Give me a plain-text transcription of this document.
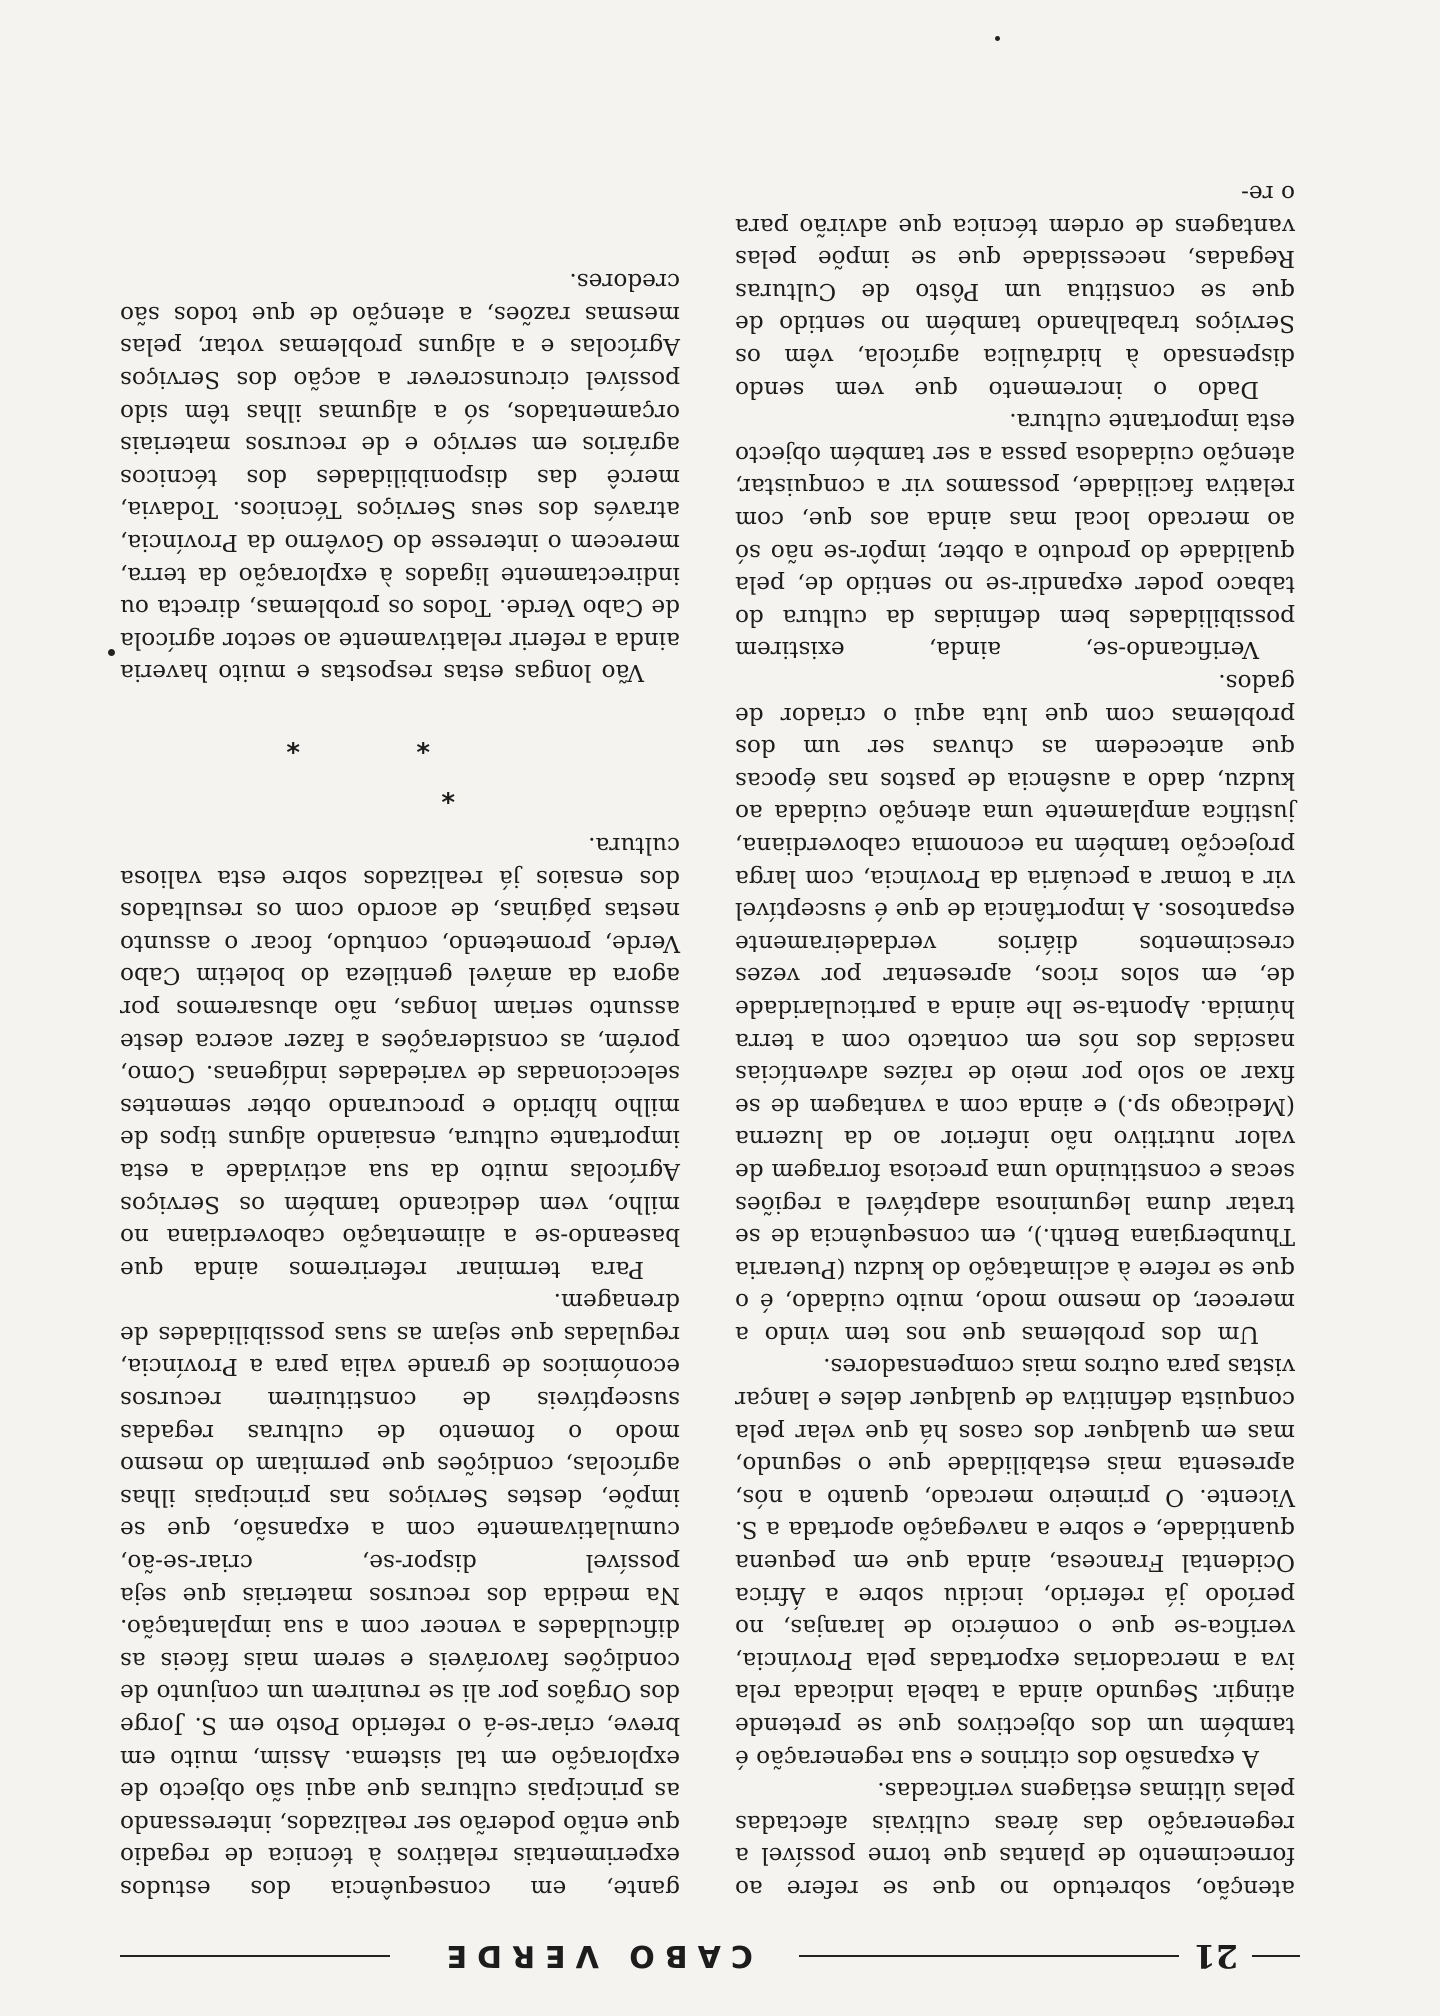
21
CABO VERDE

atenção, sobretudo no que se refere ao fornecimento de plantas que torne possível a regeneração das áreas cultivais afectadas pelas últimas estiagens verificadas.

A expansão dos citrinos e sua regeneração é também um dos objectivos que se pretende atingir. Segundo ainda a tabela indicada rela iva a mercadorias exportadas pela Província, verifica-se que o comércio de laranjas, no período já referido, incidiu sobre a África Ocidental Francesa, ainda que em pequena quantidade, e sobre a navegação aportada a S. Vicente. O primeiro mercado, quanto a nós, apresenta mais estabilidade que o segundo, mas em qualquer dos casos há que velar pela conquista definitiva de qualquer deles e lançar vistas para outros mais compensadores.

Um dos problemas que nos tem vindo a merecer, do mesmo modo, muito cuidado, é o que se refere à aclimatação do kudzu (Pueraria Thunbergiana Benth.), em consequência de se tratar duma leguminosa adaptável a regiões secas e constituindo uma preciosa forragem de valor nutritivo não inferior ao da luzerna (Medicago sp.) e ainda com a vantagem de se fixar ao solo por meio de raízes adventícias nascidas dos nós em contacto com a terra húmida. Aponta-se lhe ainda a particularidade de, em solos ricos, apresentar por vezes crescimentos diários verdadeiramente espantosos. A importância de que é susceptível vir a tomar a pecuária da Província, com larga projecção também na economia caboverdiana, justifica amplamente uma atenção cuidada ao kudzu, dado a ausência de pastos nas épocas que antecedem as chuvas ser um dos problemas com que luta aqui o criador de gados.

Verificando-se, ainda, existirem possibilidades bem definidas da cultura do tabaco poder expandir-se no sentido de, pela qualidade do produto a obter, impôr-se não só ao mercado local mas ainda aos que, com relativa facilidade, possamos vir a conquistar, atenção cuidadosa passa a ser também objecto esta importante cultura.

Dado o incremento que vem sendo dispensado à hidráulica agrícola, vêm os Serviços trabalhando também no sentido de que se constitua um Pôsto de Culturas Regadas, necessidade que se impõe pelas vantagens de ordem técnica que advirão para o re-

gante, em consequência dos estudos experimentais relativos à técnica de regadio que então poderão ser realizados, interessando as principais culturas que aqui são objecto de exploração em tal sistema. Assim, muito em breve, criar-se-á o referido Posto em S. Jorge dos Orgãos por ali se reunirem um conjunto de condições favoráveis e serem mais fáceis as dificuldades a vencer com a sua implantação. Na medida dos recursos materiais que seja possível dispor-se, criar-se-ão, cumulativamente com a expansão, que se impõe, destes Serviços nas principais ilhas agrícolas, condições que permitam do mesmo modo o fomento de culturas regadas susceptíveis de constituirem recursos económicos de grande valia para a Província, reguladas que sejam as suas possibilidades de drenagem.

Para terminar referiremos ainda que baseando-se a alimentação caboverdiana no milho, vem dedicando também os Serviços Agrícolas muito da sua actividade a esta importante cultura, ensaiando alguns tipos de milho híbrido e procurando obter sementes seleccionadas de variedades indígenas. Como, porém, as considerações a fazer acerca deste assunto seriam longas, não abusaremos por agora da amável gentileza do boletim Cabo Verde, prometendo, contudo, focar o assunto nestas páginas, de acordo com os resultados dos ensaios já realizados sobre esta valiosa cultura.

*
*
*

Vão longas estas respostas e muito haveria ainda a referir relativamente ao sector agrícola de Cabo Verde. Todos os problemas, directa ou indirectamente ligados à exploração da terra, merecem o interesse do Govêrno da Província, através dos seus Serviços Técnicos. Todavia, mercê das disponibilidades dos técnicos agrários em serviço e de recursos materiais orçamentados, só a algumas ilhas têm sido possível circunscrever a acção dos Serviços Agrícolas e a alguns problemas votar, pelas mesmas razões, a atenção de que todos são credores.
